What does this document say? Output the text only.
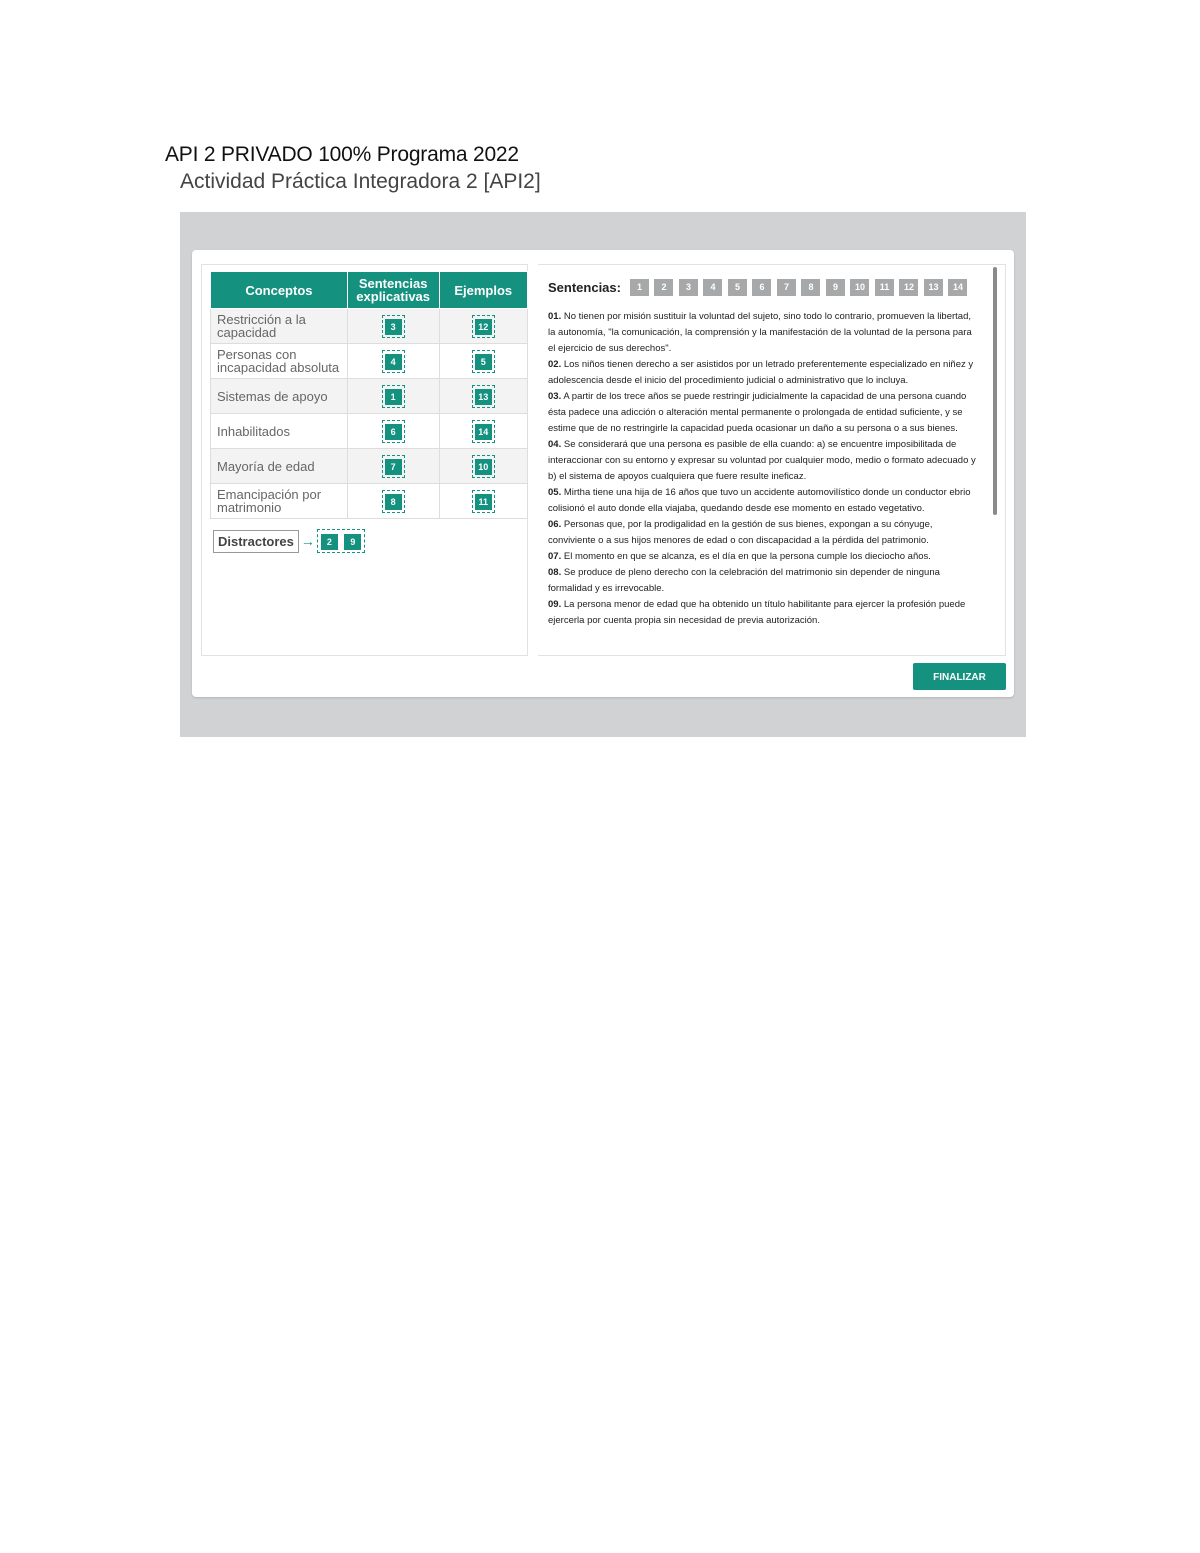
API 2 PRIVADO 100% Programa 2022
Actividad Práctica Integradora 2 [API2]
Conceptos	Sentencias explicativas	Ejemplos
Restricción a la capacidad	3	12
Personas con incapacidad absoluta	4	5
Sistemas de apoyo	1	13
Inhabilitados	6	14
Mayoría de edad	7	10
Emancipación por matrimonio	8	11
Distractores →	2 9
Sentencias:	1	2	3	4	5	6	7	8	9	10	11	12	13	14

01. No tienen por misión sustituir la voluntad del sujeto, sino todo lo contrario, promueven la libertad, la autonomía, "la comunicación, la comprensión y la manifestación de la voluntad de la persona para el ejercicio de sus derechos".

02. Los niños tienen derecho a ser asistidos por un letrado preferentemente especializado en niñez y adolescencia desde el inicio del procedimiento judicial o administrativo que lo incluya.

03. A partir de los trece años se puede restringir judicialmente la capacidad de una persona cuando ésta padece una adicción o alteración mental permanente o prolongada de entidad suficiente, y se estime que de no restringirle la capacidad pueda ocasionar un daño a su persona o a sus bienes.

04. Se considerará que una persona es pasible de ella cuando: a) se encuentre imposibilitada de interaccionar con su entorno y expresar su voluntad por cualquier modo, medio o formato adecuado y b) el sistema de apoyos cualquiera que fuere resulte ineficaz.

05. Mirtha tiene una hija de 16 años que tuvo un accidente automovilístico donde un conductor ebrio colisionó el auto donde ella viajaba, quedando desde ese momento en estado vegetativo.

06. Personas que, por la prodigalidad en la gestión de sus bienes, expongan a su cónyuge, conviviente o a sus hijos menores de edad o con discapacidad a la pérdida del patrimonio.

07. El momento en que se alcanza, es el día en que la persona cumple los dieciocho años.

08. Se produce de pleno derecho con la celebración del matrimonio sin depender de ninguna formalidad y es irrevocable.

09. La persona menor de edad que ha obtenido un título habilitante para ejercer la profesión puede ejercerla por cuenta propia sin necesidad de previa autorización.

FINALIZAR
